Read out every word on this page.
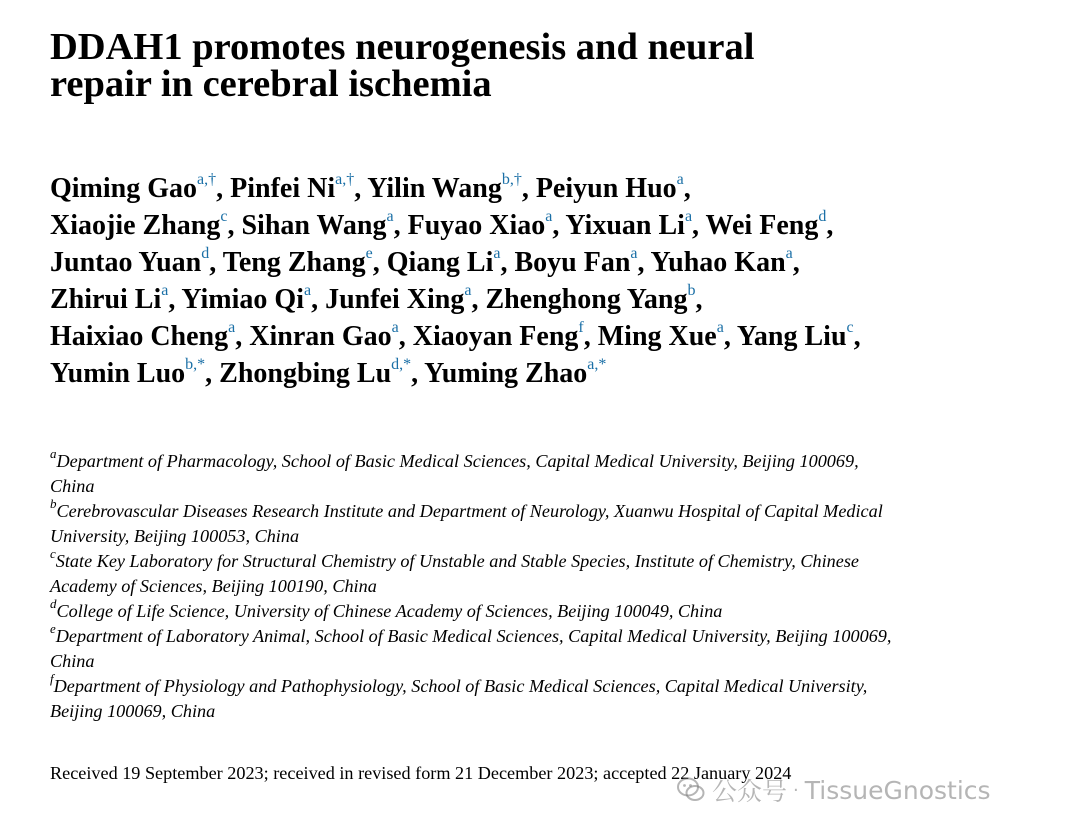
DDAH1 promotes neurogenesis and neural
repair in cerebral ischemia
Qiming Gao$^{a,\dagger}$, Pinfei $Ni^{a,\dagger}$, Yilin Wang$^{b,\dagger}$, Peiyun Huo$^a$,
Xiaojie Zhang$^c$, Sihan Wang$^a$, Fuyao Xiao$^a$, Yixuan Li$^a$, Wei Feng$^d$,
Juntao Yuan$^d$, Teng Zhang$^e$, Qiang Li$^a$, Boyu Fan$^a$, Yuhao Kan$^a$,
Zhirui Li$^a$, Yimiao Qi$^a$, Junfei Xing$^a$, Zhenghong Yang$^b$,
Haixiao Cheng$^a$, Xinran Gao$^a$, Xiaoyan Feng$^f$, Ming Xue$^a$, Yang Liu$^c$,
Yumin Luo$^{b,*}$, Zhongbing $Lu^{d,*}$, Yuming Zhao$^{a,*}$
$^a$Department of Pharmacology, School of Basic Medical Sciences, Capital Medical University, Beijing 100069,
China
$^b$Cerebrovascular Diseases Research Institute and Department of Neurology, Xuanwu Hospital of Capital Medical
University, Beijing 100053, China
$^c$State Key Laboratory for Structural Chemistry of Unstable and Stable Species, Institute of Chemistry, Chinese
Academy of Sciences, Beijing 100190, China
$^d$College of Life Science, University of Chinese Academy of Sciences, Beijing 100049, China
$^e$Department of Laboratory Animal, School of Basic Medical Sciences, Capital Medical University, Beijing 100069,
China
$^f$Department of Physiology and Pathophysiology, School of Basic Medical Sciences, Capital Medical University,
Beijing 100069, China
Received 19 September 2023; received in revised form 21 December 2023; accepted 22 January 2024
公众号 · TissueGnostics
